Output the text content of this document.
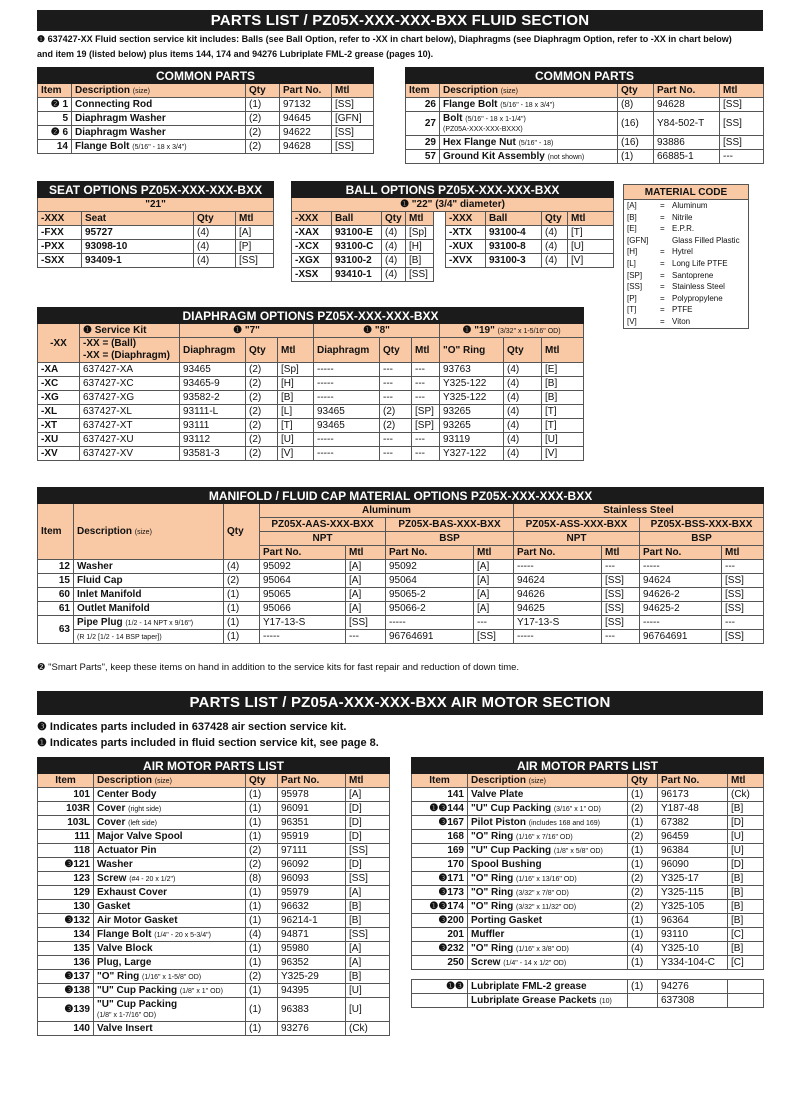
PARTS LIST / PZ05X-XXX-XXX-BXX FLUID SECTION
❶ 637427-XX Fluid section service kit includes: Balls (see Ball Option, refer to -XX in chart below), Diaphragms (see Diaphragm Option, refer to -XX in chart below)
and item 19 (listed below) plus items 144, 174 and 94276 Lubriplate FML-2 grease (pages 10).
COMMON PARTS				
Item	Description (size)	Qty	Part No.	Mtl
❷ 1	Connecting Rod	(1)	97132	[SS]
5	Diaphragm Washer	(2)	94645	[GFN]
❷ 6	Diaphragm Washer	(2)	94622	[SS]
14	Flange Bolt (5/16" - 18 x 3/4")	(2)	94628	[SS]
COMMON PARTS				
Item	Description (size)	Qty	Part No.	Mtl
26	Flange Bolt (5/16" - 18 x 3/4")	(8)	94628	[SS]
27	Bolt (5/16" - 18 x 1-1/4")
(PZ05A-XXX-XXX-BXXX)	(16)	Y84-502-T	[SS]
29	Hex Flange Nut (5/16" - 18)	(16)	93886	[SS]
57	Ground Kit Assembly (not shown)	(1)	66885-1	---
SEAT OPTIONS PZ05X-XXX-XXX-BXX			
"21"			
-XXX	Seat	Qty	Mtl
-FXX	95727	(4)	[A]
-PXX	93098-10	(4)	[P]
-SXX	93409-1	(4)	[SS]
BALL OPTIONS PZ05X-XXX-XXX-BXX								
❶ "22" (3/4" diameter)								
-XXX	Ball	Qty	Mtl		-XXX	Ball	Qty	Mtl
-XAX	93100-E	(4)	[Sp]		-XTX	93100-4	(4)	[T]
-XCX	93100-C	(4)	[H]		-XUX	93100-8	(4)	[U]
-XGX	93100-2	(4)	[B]		-XVX	93100-3	(4)	[V]
-XSX	93410-1	(4)	[SS]					
MATERIAL CODE
[A]	= Aluminum
[B]	= Nitrile
[E]	= E.P.R.
[GFN]	Glass Filled Plastic
[H]	= Hytrel
[L]	= Long Life PTFE
[SP] = Santoprene
[SS] = Stainless Steel
[P]	= Polypropylene
[T]	= PTFE
[V]	= Viton
DIAPHRAGM OPTIONS PZ05X-XXX-XXX-BXX										
-XX	❶ Service Kit	❶ "7"			❶ "8"			❶ "19" (3/32" x 1-5/16" OD)		
	-XX = (Ball)
-XX = (Diaphragm)	Diaphragm	Qty	Mtl	Diaphragm	Qty	Mtl	"O" Ring	Qty	Mtl

-XA	637427-XA	93465	(2)	[Sp]	-----	---	---	93763	(4)	[E]
-XC	637427-XC	93465-9	(2)	[H]	-----	---	---	Y325-122	(4)	[B]
-XG	637427-XG	93582-2	(2)	[B]	-----	---	---	Y325-122	(4)	[B]
-XL	637427-XL	93111-L	(2)	[L]	93465	(2)	[SP]	93265	(4)	[T]
-XT	637427-XT	93111	(2)	[T]	93465	(2)	[SP]	93265	(4)	[T]
-XU	637427-XU	93112	(2)	[U]	-----	---	---	93119	(4)	[U]
-XV	637427-XV	93581-3	(2)	[V]	-----	---	---	Y327-122	(4)	[V]
MANIFOLD / FLUID CAP MATERIAL OPTIONS PZ05X-XXX-XXX-BXX										
Item	Description (size)	Qty	Aluminum				Stainless Steel			
			PZ05X-AAS-XXX-BXX		PZ05X-BAS-XXX-BXX		PZ05X-ASS-XXX-BXX		PZ05X-BSS-XXX-BXX	
			NPT		BSP		NPT		BSP	
			Part No.	Mtl	Part No.	Mtl	Part No.	Mtl	Part No.	Mtl
12	Washer	(4)	95092	[A]	95092	[A]	-----	---	-----	---
15	Fluid Cap	(2)	95064	[A]	95064	[A]	94624	[SS]	94624	[SS]
60	Inlet Manifold	(1)	95065	[A]	95065-2	[A]	94626	[SS]	94626-2	[SS]
61	Outlet Manifold	(1)	95066	[A]	95066-2	[A]	94625	[SS]	94625-2	[SS]
63	Pipe Plug (1/2 - 14 NPT x 9/16")	(1)	Y17-13-S	[SS]	-----	---	Y17-13-S	[SS]	-----	---
	(R 1/2 [1/2 - 14 BSP taper])	(1)	-----	---	96764691	[SS]	-----	---	96764691	[SS]
❷ "Smart Parts", keep these items on hand in addition to the service kits for fast repair and reduction of down time.
PARTS LIST / PZ05A-XXX-XXX-BXX AIR MOTOR SECTION
❸ Indicates parts included in 637428 air section service kit.
❶ Indicates parts included in fluid section service kit, see page 8.
AIR MOTOR PARTS LIST				
Item	Description (size)	Qty	Part No.	Mtl
101	Center Body	(1)	95978	[A]
103R	Cover (right side)	(1)	96091	[D]
103L	Cover (left side)	(1)	96351	[D]
111	Major Valve Spool	(1)	95919	[D]
118	Actuator Pin	(2)	97111	[SS]
❸121	Washer	(2)	96092	[D]
123	Screw (#4 - 20 x 1/2")	(8)	96093	[SS]
129	Exhaust Cover	(1)	95979	[A]
130	Gasket	(1)	96632	[B]
❸132	Air Motor Gasket	(1)	96214-1	[B]
134	Flange Bolt (1/4" - 20 x 5-3/4")	(4)	94871	[SS]
135	Valve Block	(1)	95980	[A]
136	Plug, Large	(1)	96352	[A]
❸137	"O" Ring (1/16" x 1-5/8" OD)	(2)	Y325-29	[B]
❸138	"U" Cup Packing (1/8" x 1" OD)	(1)	94395	[U]
❸139	"U" Cup Packing
(1/8" x 1-7/16" OD)	(1)	96383	[U]
140	Valve Insert	(1)	93276	(Ck)
AIR MOTOR PARTS LIST				
Item	Description (size)	Qty	Part No.	Mtl
141	Valve Plate	(1)	96173	(Ck)
❶❸144	"U" Cup Packing (3/16" x 1" OD)	(2)	Y187-48	[B]
❸167	Pilot Piston (includes 168 and 169)	(1)	67382	[D]
168	"O" Ring (1/16" x 7/16" OD)	(2)	96459	[U]
169	"U" Cup Packing (1/8" x 5/8" OD)	(1)	96384	[U]
170	Spool Bushing	(1)	96090	[D]
❸171	"O" Ring (1/16" x 13/16" OD)	(2)	Y325-17	[B]
❸173	"O" Ring (3/32" x 7/8" OD)	(2)	Y325-115	[B]
❶❸174	"O" Ring (3/32" x 11/32" OD)	(2)	Y325-105	[B]
❸200	Porting Gasket	(1)	96364	[B]
201	Muffler	(1)	93110	[C]
❸232	"O" Ring (1/16" x 3/8" OD)	(4)	Y325-10	[B]
250	Screw (1/4" - 14 x 1/2" OD)	(1)	Y334-104-C	[C]

❶❸	Lubriplate FML-2 grease	(1)	94276	
	Lubriplate Grease Packets (10)		637308	
